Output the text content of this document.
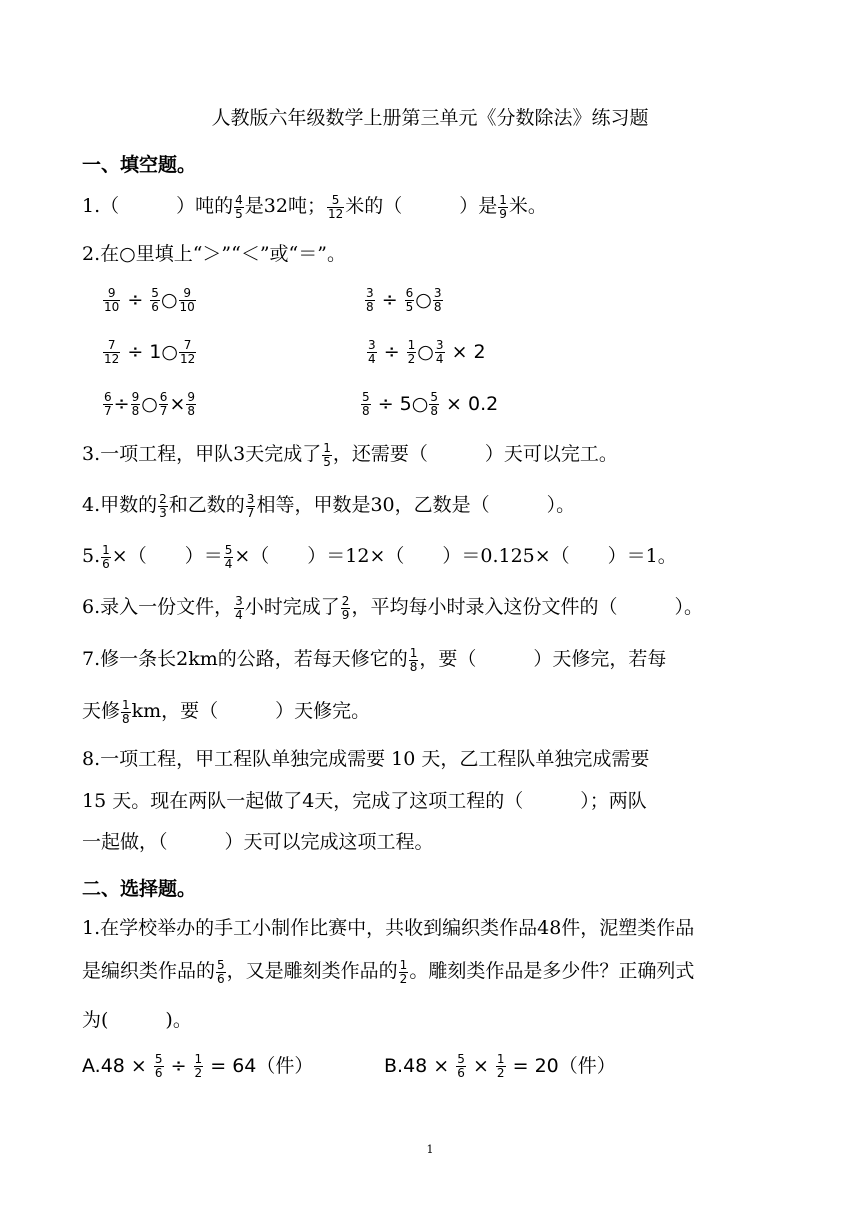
人教版六年级数学上册第三单元《分数除法》练习题
一、填空题。
1.（　　　）吨的 $\frac{4}{5}$ 是32吨； $\frac{5}{12}$ 米的（　　　）是 $\frac{1}{9}$ 米。
2.在○里填上“＞”“＜”或“＝”。
$\frac{9}{10} \div \frac{5}{6}$ ○ $\frac{9}{10}$	$\frac{3}{8} \div \frac{6}{5}$ ○ $\frac{3}{8}$
$\frac{7}{12}$ ÷ 1○ $\frac{7}{12}$	$\frac{3}{4} \div \frac{1}{2}$ ○ $\frac{3}{4} \times 2$
$\frac{6}{7} \div \frac{9}{8}$ ○ $\frac{6}{7} \times \frac{9}{8}$	$\frac{5}{8}$ ÷ 5○ $\frac{5}{8} \times 0.2$
3.一项工程，甲队3天完成了 $\frac{1}{5}$ ，还需要（　　　）天可以完工。
4.甲数的 $\frac{2}{3}$ 和乙数的 $\frac{3}{7}$ 相等，甲数是30，乙数是（　　　）。
5. $\frac{1}{6}$ ×（　　）＝ $\frac{5}{4}$ ×（　　）＝12×（　　）＝0.125×（　　）＝1。
6.录入一份文件， $\frac{3}{4}$ 小时完成了 $\frac{2}{9}$ ，平均每小时录入这份文件的（　　　）。
7.修一条长2km的公路，若每天修它的 $\frac{1}{8}$ ，要（　　　）天修完，若每
天修 $\frac{1}{8}$ km，要（　　　）天修完。
8.一项工程，甲工程队单独完成需要 10 天，乙工程队单独完成需要
15 天。现在两队一起做了4天，完成了这项工程的（　　　）；两队
一起做，（　　　）天可以完成这项工程。
二、选择题。
1.在学校举办的手工小制作比赛中，共收到编织类作品48件，泥塑类作品
是编织类作品的 $\frac{5}{6}$ ，又是雕刻类作品的 $\frac{1}{2}$ 。雕刻类作品是多少件？正确列式
为(　　　)。
$A.48 \times \frac{5}{6} \div \frac{1}{2} = 64$（件）	$B.48 \times \frac{5}{6} \times \frac{1}{2} = 20$（件）
1
